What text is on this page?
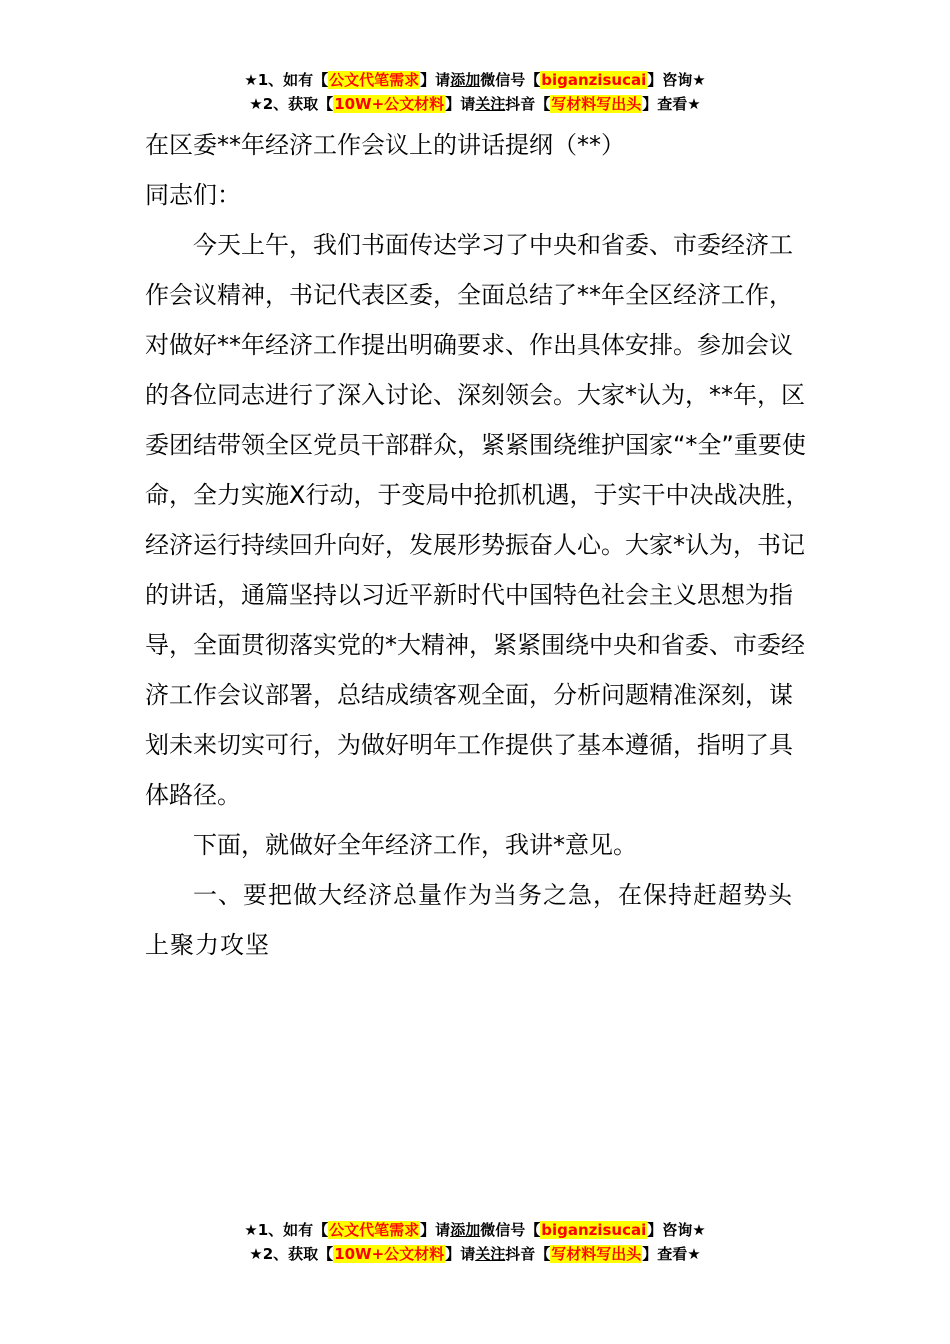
★1、如有【公文代笔需求】请添加微信号【biganzisucai】咨询★
★2、获取【10W+公文材料】请关注抖音【写材料写出头】查看★

在区委**年经济工作会议上的讲话提纲（**）

同志们：

今天上午，我们书面传达学习了中央和省委、市委经济工作会议精神，书记代表区委，全面总结了**年全区经济工作，对做好**年经济工作提出明确要求、作出具体安排。参加会议的各位同志进行了深入讨论、深刻领会。大家*认为，**年，区委团结带领全区党员干部群众，紧紧围绕维护国家“*全”重要使命，全力实施Ⅹ行动，于变局中抢抓机遇，于实干中决战决胜，经济运行持续回升向好，发展形势振奋人心。大家*认为，书记的讲话，通篇坚持以习近平新时代中国特色社会主义思想为指导，全面贯彻落实党的*大精神，紧紧围绕中央和省委、市委经济工作会议部署，总结成绩客观全面，分析问题精准深刻，谋划未来切实可行，为做好明年工作提供了基本遵循，指明了具体路径。

下面，就做好全年经济工作，我讲*意见。

一、要把做大经济总量作为当务之急，在保持赶超势头上聚力攻坚

★1、如有【公文代笔需求】请添加微信号【biganzisucai】咨询★
★2、获取【10W+公文材料】请关注抖音【写材料写出头】查看★
